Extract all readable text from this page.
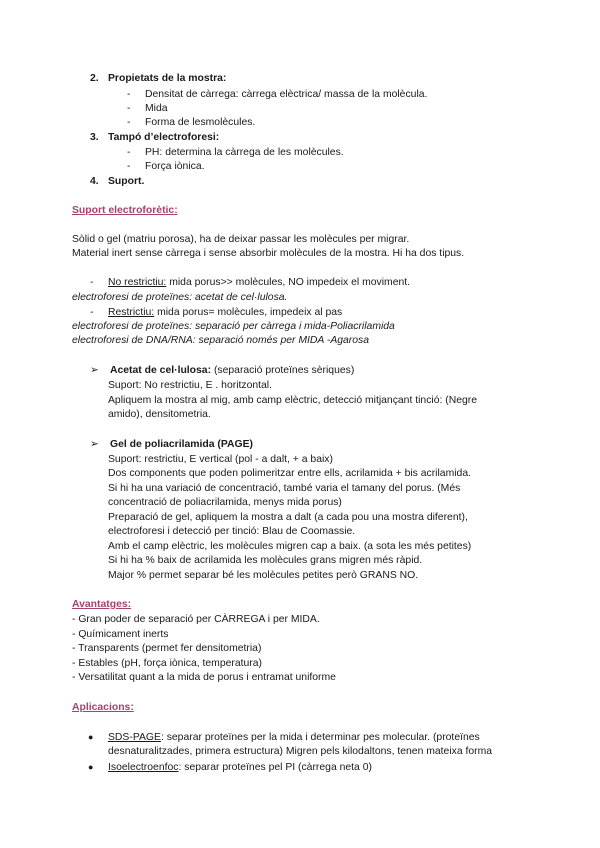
2. Propietats de la mostra:
- Densitat de càrrega: càrrega elèctrica/ massa de la molècula.
- Mida
- Forma de lesmolècules.
3. Tampó d’electroforesi:
- PH: determina la càrrega de les molècules.
- Força iònica.
4. Suport.
Suport electroforètic:
Sòlid o gel (matriu porosa), ha de deixar passar les molècules per migrar.
Material inert sense càrrega i sense absorbir molècules de la mostra. Hi ha dos tipus.
- No restrictiu: mida porus>> molècules, NO impedeix el moviment.
electroforesi de proteïnes: acetat de cel·lulosa.
- Restrictiu: mida porus= molècules, impedeix al pas
electroforesi de proteïnes: separació per càrrega i mida-Poliacrilamida
electroforesi de DNA/RNA: separació només per MIDA -Agarosa
➢ Acetat de cel·lulosa: (separació proteïnes sèriques)
Suport: No restrictiu, E . horitzontal.
Apliquem la mostra al mig, amb camp elèctric, detecció mitjançant tinció: (Negre
amido), densitometria.
➢ Gel de poliacrilamida (PAGE)
Suport: restrictiu, E vertical (pol - a dalt, + a baix)
Dos components que poden polimeritzar entre ells, acrilamida + bis acrilamida.
Si hi ha una variació de concentració, també varia el tamany del porus. (Més
concentració de poliacrilamida, menys mida porus)
Preparació de gel, apliquem la mostra a dalt (a cada pou una mostra diferent),
electroforesi i detecció per tinció: Blau de Coomassie.
Amb el camp elèctric, les molècules migren cap a baix. (a sota les més petites)
Si hi ha % baix de acrilamida les molècules grans migren més ràpid.
Major % permet separar bé les molècules petites però GRANS NO.
Avantatges:
- Gran poder de separació per CÀRREGA i per MIDA.
- Químicament inerts
- Transparents (permet fer densitometria)
- Estables (pH, força iònica, temperatura)
- Versatilitat quant a la mida de porus i entramat uniforme
Aplicacions:
● SDS-PAGE: separar proteïnes per la mida i determinar pes molecular. (proteïnes
desnaturalitzades, primera estructura) Migren pels kilodaltons, tenen mateixa forma
● Isoelectroenfoc: separar proteïnes pel PI (càrrega neta 0)
